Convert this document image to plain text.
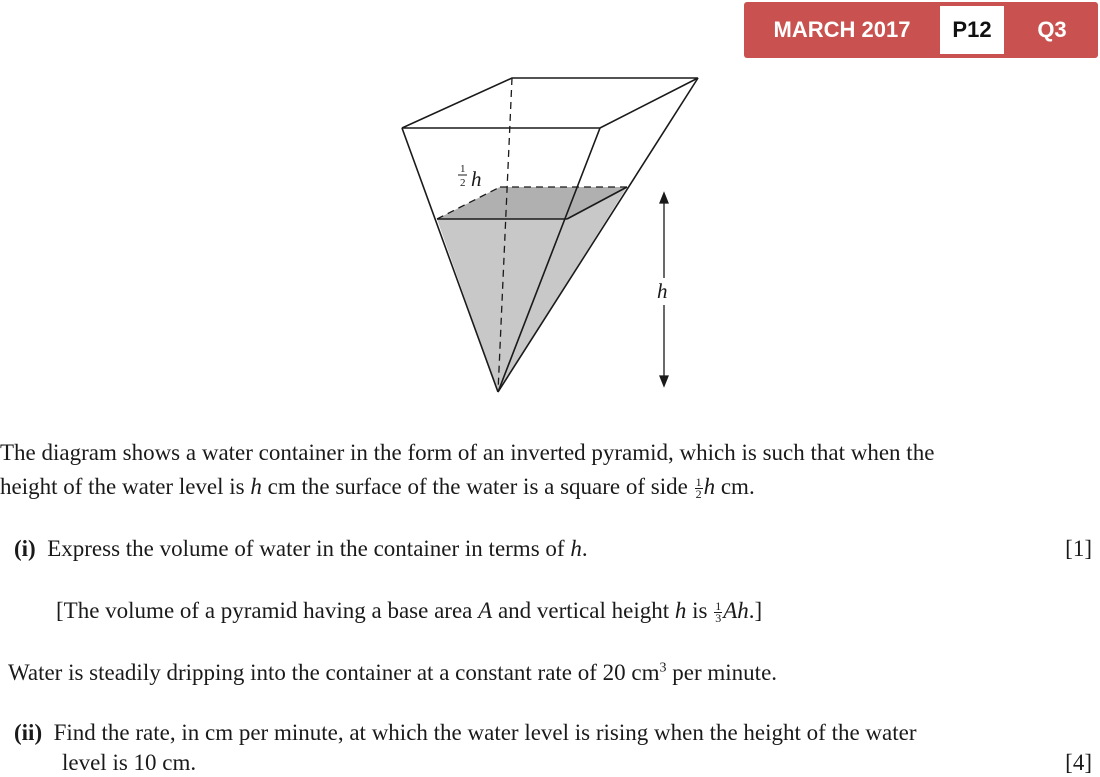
MARCH 2017	P12	Q3
1
2 h
h
The diagram shows a water container in the form of an inverted pyramid, which is such that when the
height of the water level is h cm the surface of the water is a square of side $\frac{1}{2}$ h cm.
(i) Express the volume of water in the container in terms of h.	[1]
[The volume of a pyramid having a base area A and vertical height h is $\frac{1}{3} Ah$.]
Water is steadily dripping into the container at a constant rate of 20 $cm^3$ per minute.
(ii) Find the rate, in cm per minute, at which the water level is rising when the height of the water
level is 10 cm.	[4]
